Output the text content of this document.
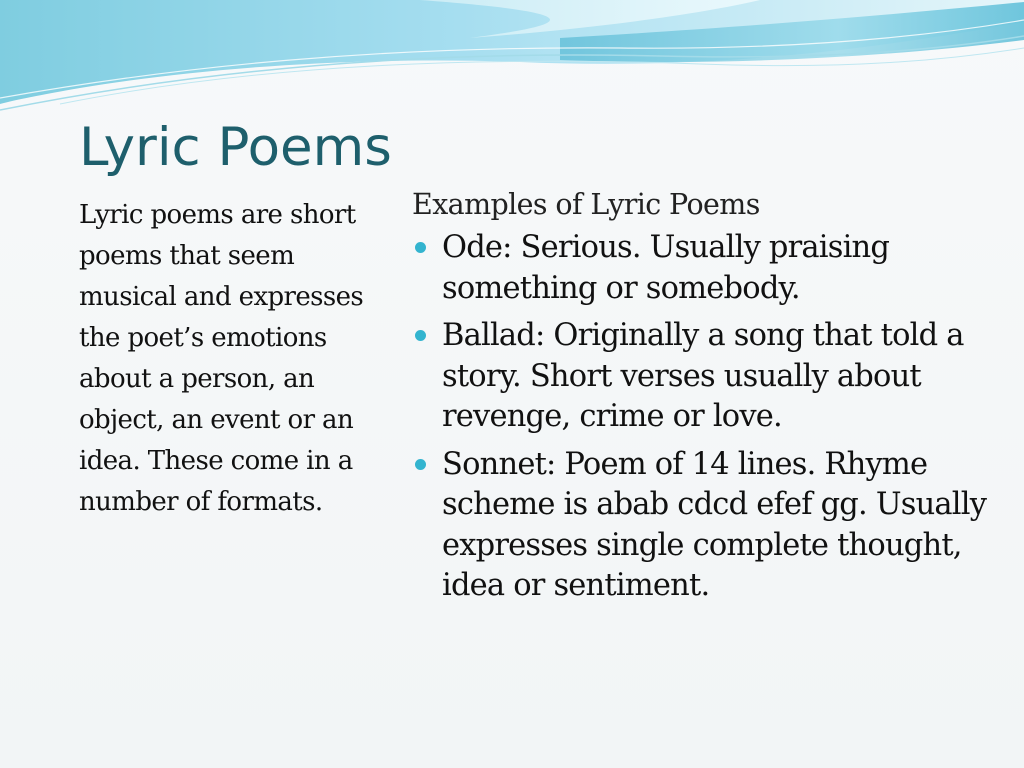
Lyric Poems

Lyric poems are short poems that seem musical and expresses the poet’s emotions about a person, an object, an event or an idea. These come in a number of formats.

Examples of Lyric Poems

Ode: Serious. Usually praising something or somebody.
Ballad: Originally a song that told a story. Short verses usually about revenge, crime or love.
Sonnet: Poem of 14 lines. Rhyme scheme is abab cdcd efef gg. Usually expresses single complete thought, idea or sentiment.
